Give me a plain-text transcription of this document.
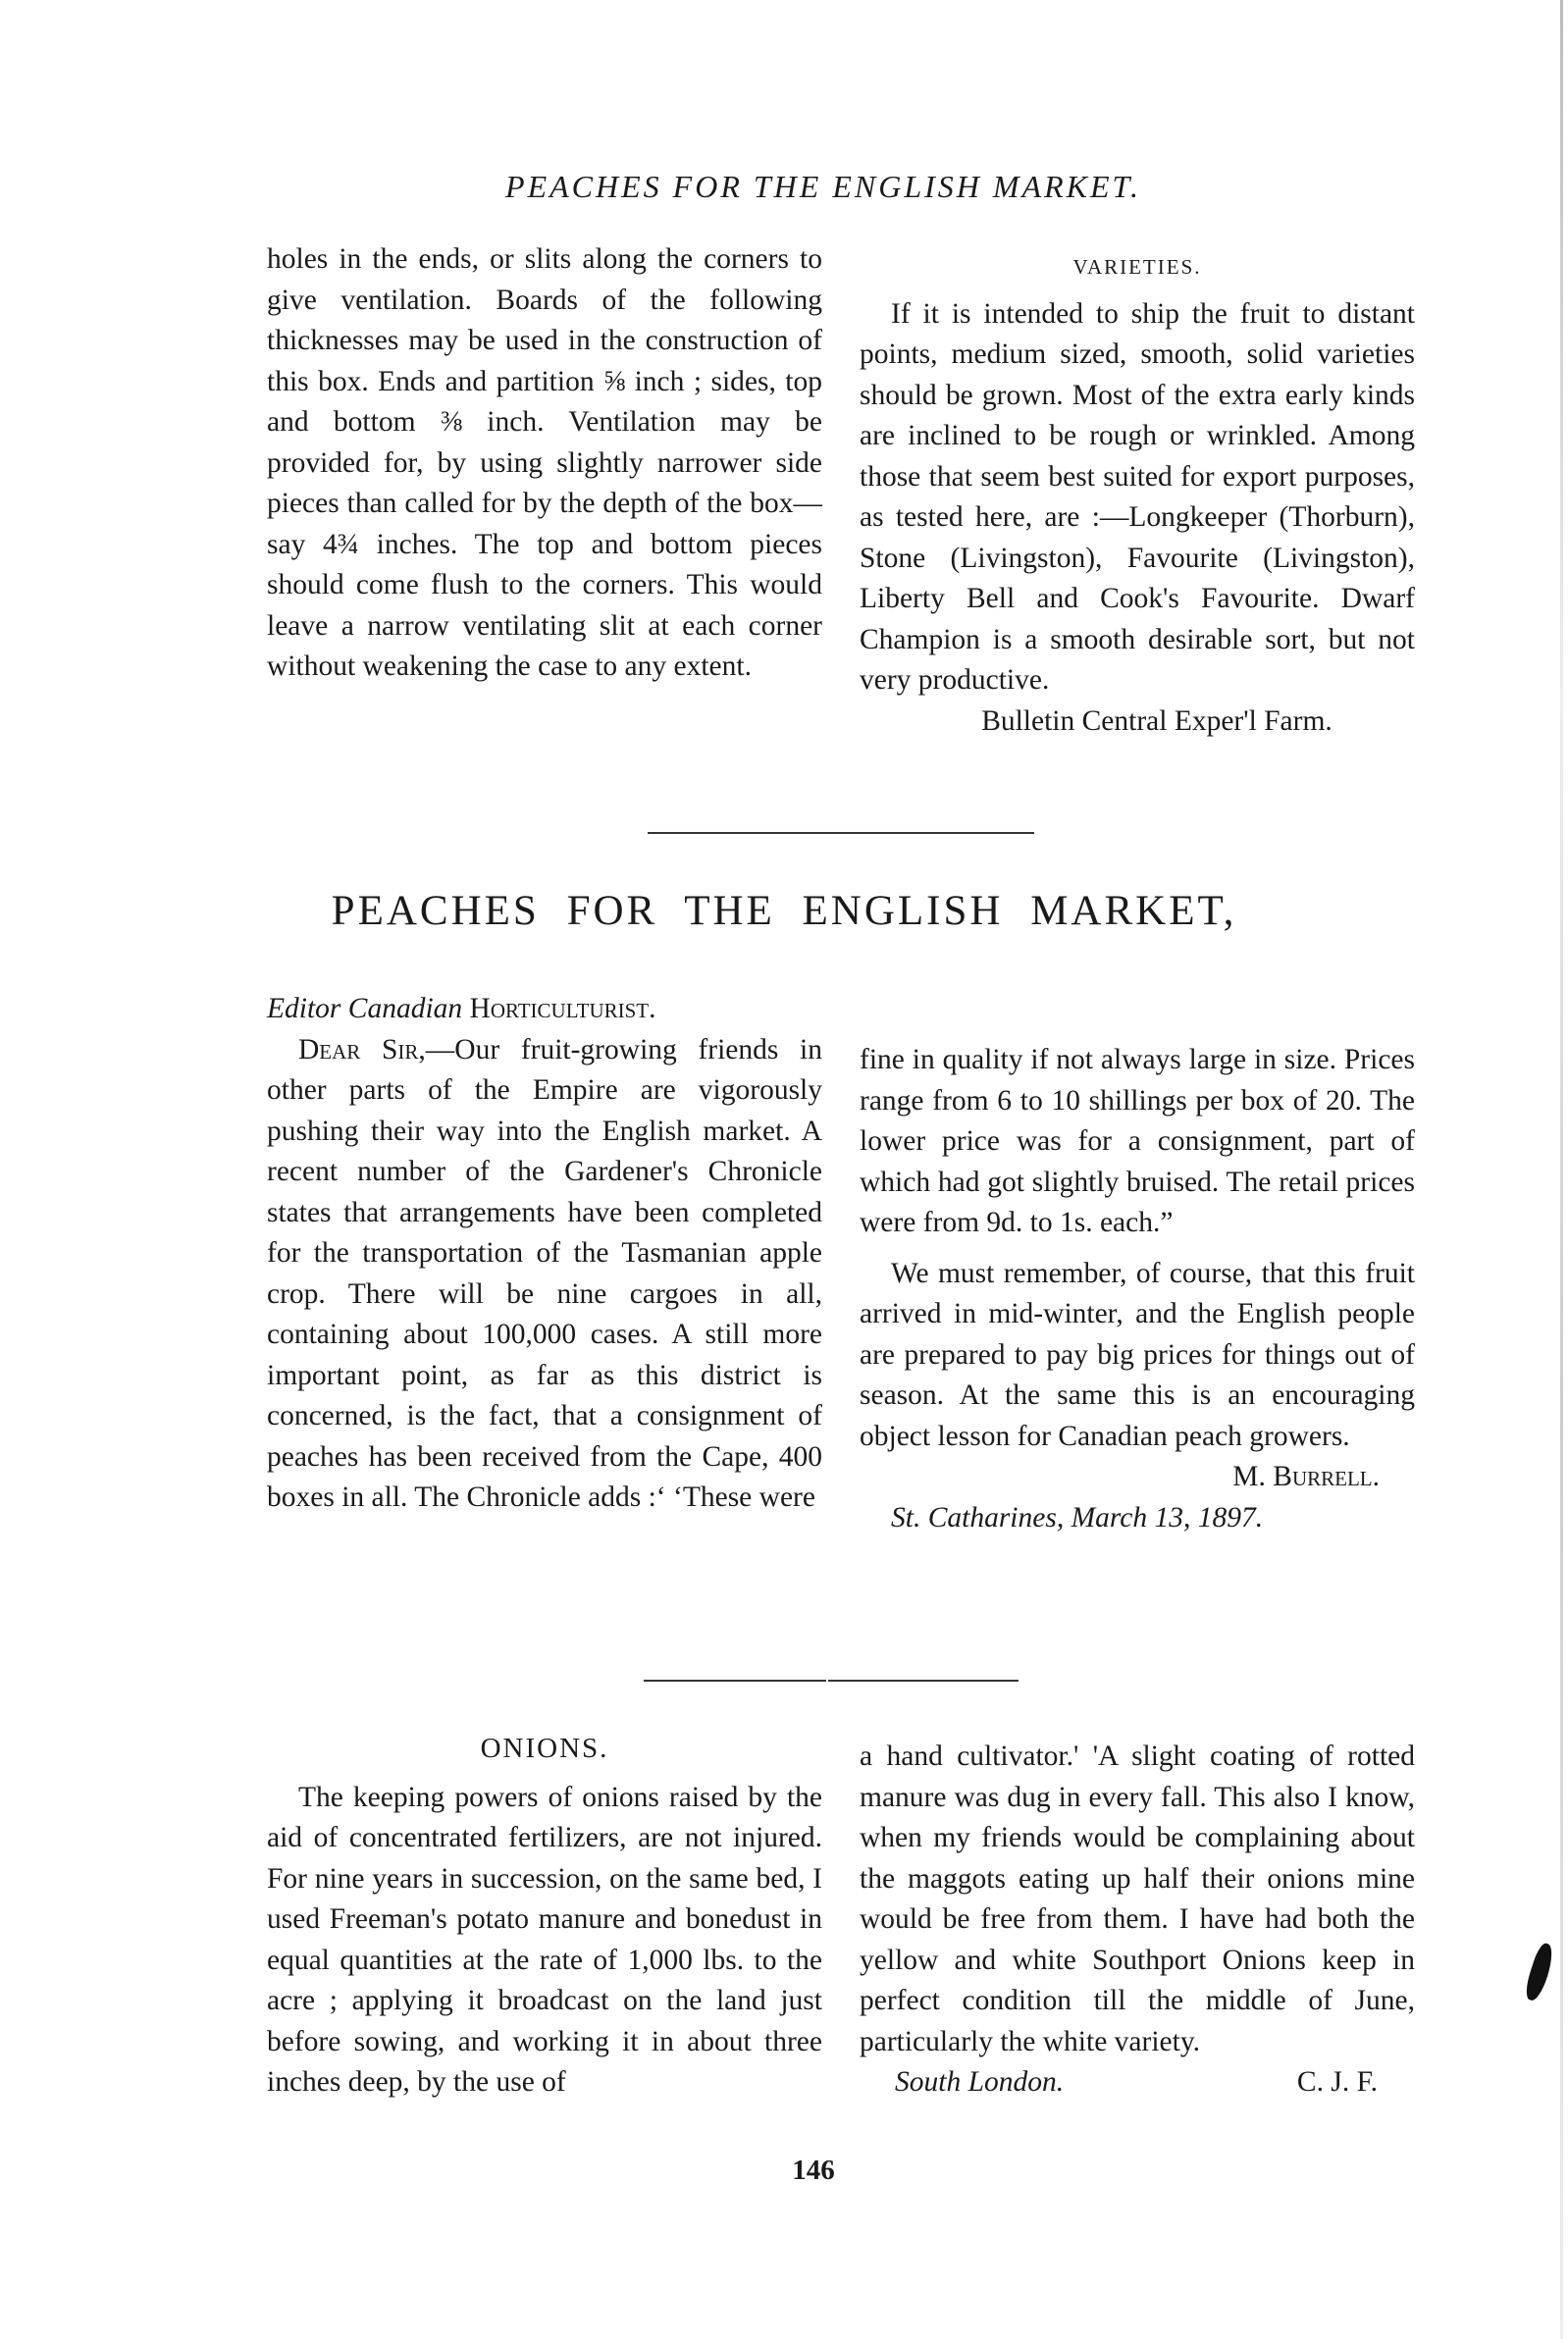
PEACHES FOR THE ENGLISH MARKET.

holes in the ends, or slits along the corners to give ventilation. Boards of the following thicknesses may be used in the construction of this box. Ends and partition ⅝ inch ; sides, top and bottom ⅜ inch. Ventilation may be provided for, by using slightly narrower side pieces than called for by the depth of the box—say 4¾ inches. The top and bottom pieces should come flush to the corners. This would leave a narrow ventilating slit at each corner without weakening the case to any extent.

VARIETIES.

If it is intended to ship the fruit to distant points, medium sized, smooth, solid varieties should be grown. Most of the extra early kinds are inclined to be rough or wrinkled. Among those that seem best suited for export purposes, as tested here, are :—Longkeeper (Thorburn), Stone (Livingston), Favourite (Livingston), Liberty Bell and Cook's Favourite. Dwarf Champion is a smooth desirable sort, but not very productive.

Bulletin Central Exper'l Farm.

PEACHES FOR THE ENGLISH MARKET,

Editor Canadian Horticulturist.

Dear Sir,—Our fruit-growing friends in other parts of the Empire are vigorously pushing their way into the English market. A recent number of the Gardener's Chronicle states that arrangements have been completed for the transportation of the Tasmanian apple crop. There will be nine cargoes in all, containing about 100,000 cases. A still more important point, as far as this district is concerned, is the fact, that a consignment of peaches has been received from the Cape, 400 boxes in all. The Chronicle adds :‘ ‘These were

fine in quality if not always large in size. Prices range from 6 to 10 shillings per box of 20. The lower price was for a consignment, part of which had got slightly bruised. The retail prices were from 9d. to 1s. each.”

We must remember, of course, that this fruit arrived in mid-winter, and the English people are prepared to pay big prices for things out of season. At the same this is an encouraging object lesson for Canadian peach growers.

M. Burrell.

St. Catharines, March 13, 1897.

ONIONS.

The keeping powers of onions raised by the aid of concentrated fertilizers, are not injured. For nine years in succession, on the same bed, I used Freeman's potato manure and bonedust in equal quantities at the rate of 1,000 lbs. to the acre ; applying it broadcast on the land just before sowing, and working it in about three inches deep, by the use of

a hand cultivator.' 'A slight coating of rotted manure was dug in every fall. This also I know, when my friends would be complaining about the maggots eating up half their onions mine would be free from them. I have had both the yellow and white Southport Onions keep in perfect condition till the middle of June, particularly the white variety.

South London.	C. J. F.
146
